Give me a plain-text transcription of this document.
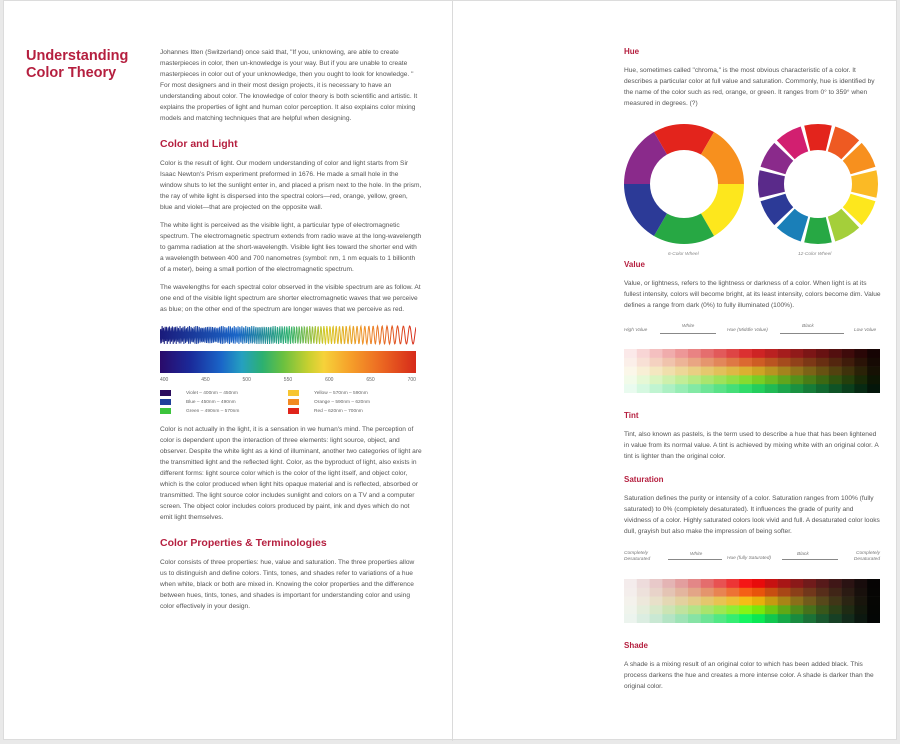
Understanding
Color Theory

Johannes Itten (Switzerland) once said that, "If you, unknowing, are able to create masterpieces in color, then un-knowledge is your way. But if you are unable to create masterpieces in color out of your unknowledge, then you ought to look for knowledge. " For most designers and in their most design projects, it is necessary to have an understanding about color. The knowledge of color theory is both scientific and artistic. It explains the properties of light and human color perception. It also explains color mixing models and matching techniques that are helpful when designing.

Color and Light

Color is the result of light. Our modern understanding of color and light starts from Sir Isaac Newton's Prism experiment preformed in 1676. He made a small hole in the window shuts to let the sunlight enter in, and placed a prism next to the hole. In the prism, the ray of white light is dispersed into the spectral colors—red, orange, yellow, green, blue and violet—that are projected on the opposite wall.

The white light is perceived as the visible light, a particular type of electromagnetic spectrum. The electromagnetic spectrum extends from radio wave at the long-wavelength to gamma radiation at the short-wavelength. Visible light lies toward the shorter end with a wavelength between 400 and 700 nanometres (symbol: nm, 1 nm equals to 1 billionth of a meter), being a small portion of the electromagnetic spectrum.

The wavelengths for each spectral color observed in the visible spectrum are as follow. At one end of the visible light spectrum are shorter electromagnetic waves that we perceive as blue; on the other end of the spectrum are longer waves that we perceive as red.

400	450	500	550	600	650	700
Violet – 400nm – 450nm	Yellow – 570nm – 590nm
Blue – 450nm – 490nm	Orange – 590nm – 620nm
Green – 490nm – 570nm	Red – 620nm – 700nm

Color is not actually in the light, it is a sensation in we human's mind. The perception of color is dependent upon the interaction of three elements: light source, object, and observer. Despite the white light as a kind of illuminant, another two categories of light are the transmitted light and the reflected light. Color, as the byproduct of light, also exists in different forms: light source color which is the color of the light itself, and object color, which is the color produced when light hits opaque material and is reflected, absorbed or transmitted. The light source color includes sunlight and colors on a TV and a computer screen. The object color includes colors produced by paint, ink and dyes which do not emit light themselves.

Color Properties & Terminologies

Color consists of three properties: hue, value and saturation. The three properties allow us to distinguish and define colors. Tints, tones, and shades refer to variations of a hue when white, black or both are mixed in. Knowing the color properties and the difference between hues, tints, tones, and shades is important for understanding color and using color effectively in your design.

Hue

Hue, sometimes called "chroma," is the most obvious characteristic of a color. It describes a particular color at full value and saturation. Commonly, hue is identified by the name of the color such as red, orange, or green. It ranges from 0° to 359° when measured in degrees. (?)

6-Color Wheel	12-Color Wheel
Value

Value, or lightness, refers to the lightness or darkness of a color. When light is at its fullest intensity, colors will become bright, at its least intensity, colors become dim. Value defines a range from dark (0%) to fully illuminated (100%).

High Value
White
Hue (Middle Value)
Black
Low Value
Tint

Tint, also known as pastels, is the term used to describe a hue that has been lightened in value from its normal value. A tint is achieved by mixing white with an original color. A tint is lighter than the original color.

Saturation

Saturation defines the purity or intensity of a color. Saturation ranges from 100% (fully saturated) to 0% (completely desaturated). It influences the grade of purity and vividness of a color. Highly saturated colors look vivid and full. A desaturated color looks dull, grayish but also make the impression of being softer.

Completely Desaturated
White
Hue (fully Saturated)
Black	Completely Desaturated
Shade

A shade is a mixing result of an original color to which has been added black. This process darkens the hue and creates a more intense color. A shade is darker than the original color.
